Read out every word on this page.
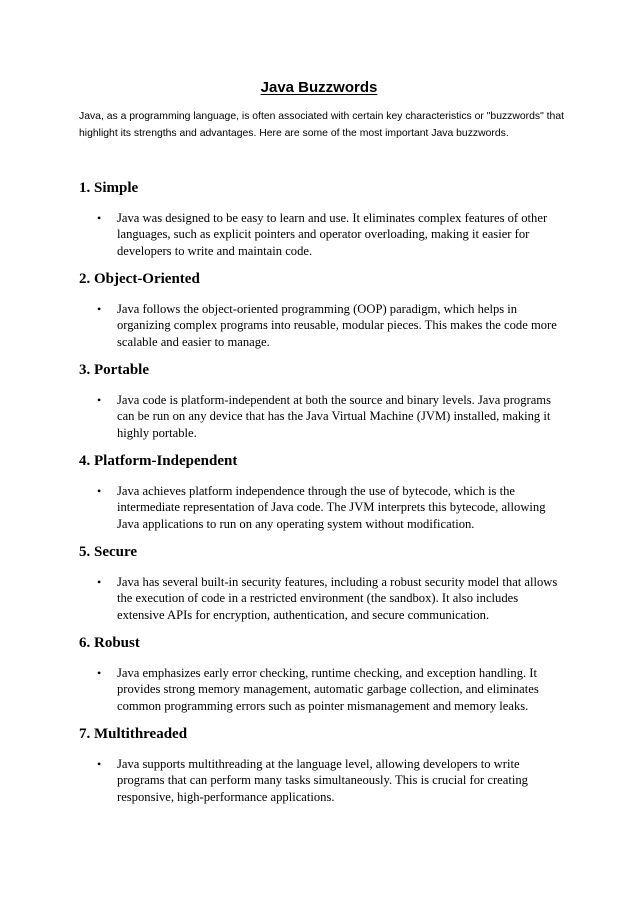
Java Buzzwords
Java, as a programming language, is often associated with certain key characteristics or "buzzwords" that highlight its strengths and advantages. Here are some of the most important Java buzzwords.
1. Simple
•	Java was designed to be easy to learn and use. It eliminates complex features of other languages, such as explicit pointers and operator overloading, making it easier for developers to write and maintain code.
2. Object-Oriented
•	Java follows the object-oriented programming (OOP) paradigm, which helps in organizing complex programs into reusable, modular pieces. This makes the code more scalable and easier to manage.
3. Portable
•	Java code is platform-independent at both the source and binary levels. Java programs can be run on any device that has the Java Virtual Machine (JVM) installed, making it highly portable.
4. Platform-Independent
•	Java achieves platform independence through the use of bytecode, which is the intermediate representation of Java code. The JVM interprets this bytecode, allowing Java applications to run on any operating system without modification.
5. Secure
•	Java has several built-in security features, including a robust security model that allows the execution of code in a restricted environment (the sandbox). It also includes extensive APIs for encryption, authentication, and secure communication.
6. Robust
•	Java emphasizes early error checking, runtime checking, and exception handling. It provides strong memory management, automatic garbage collection, and eliminates common programming errors such as pointer mismanagement and memory leaks.
7. Multithreaded
•	Java supports multithreading at the language level, allowing developers to write programs that can perform many tasks simultaneously. This is crucial for creating responsive, high-performance applications.
